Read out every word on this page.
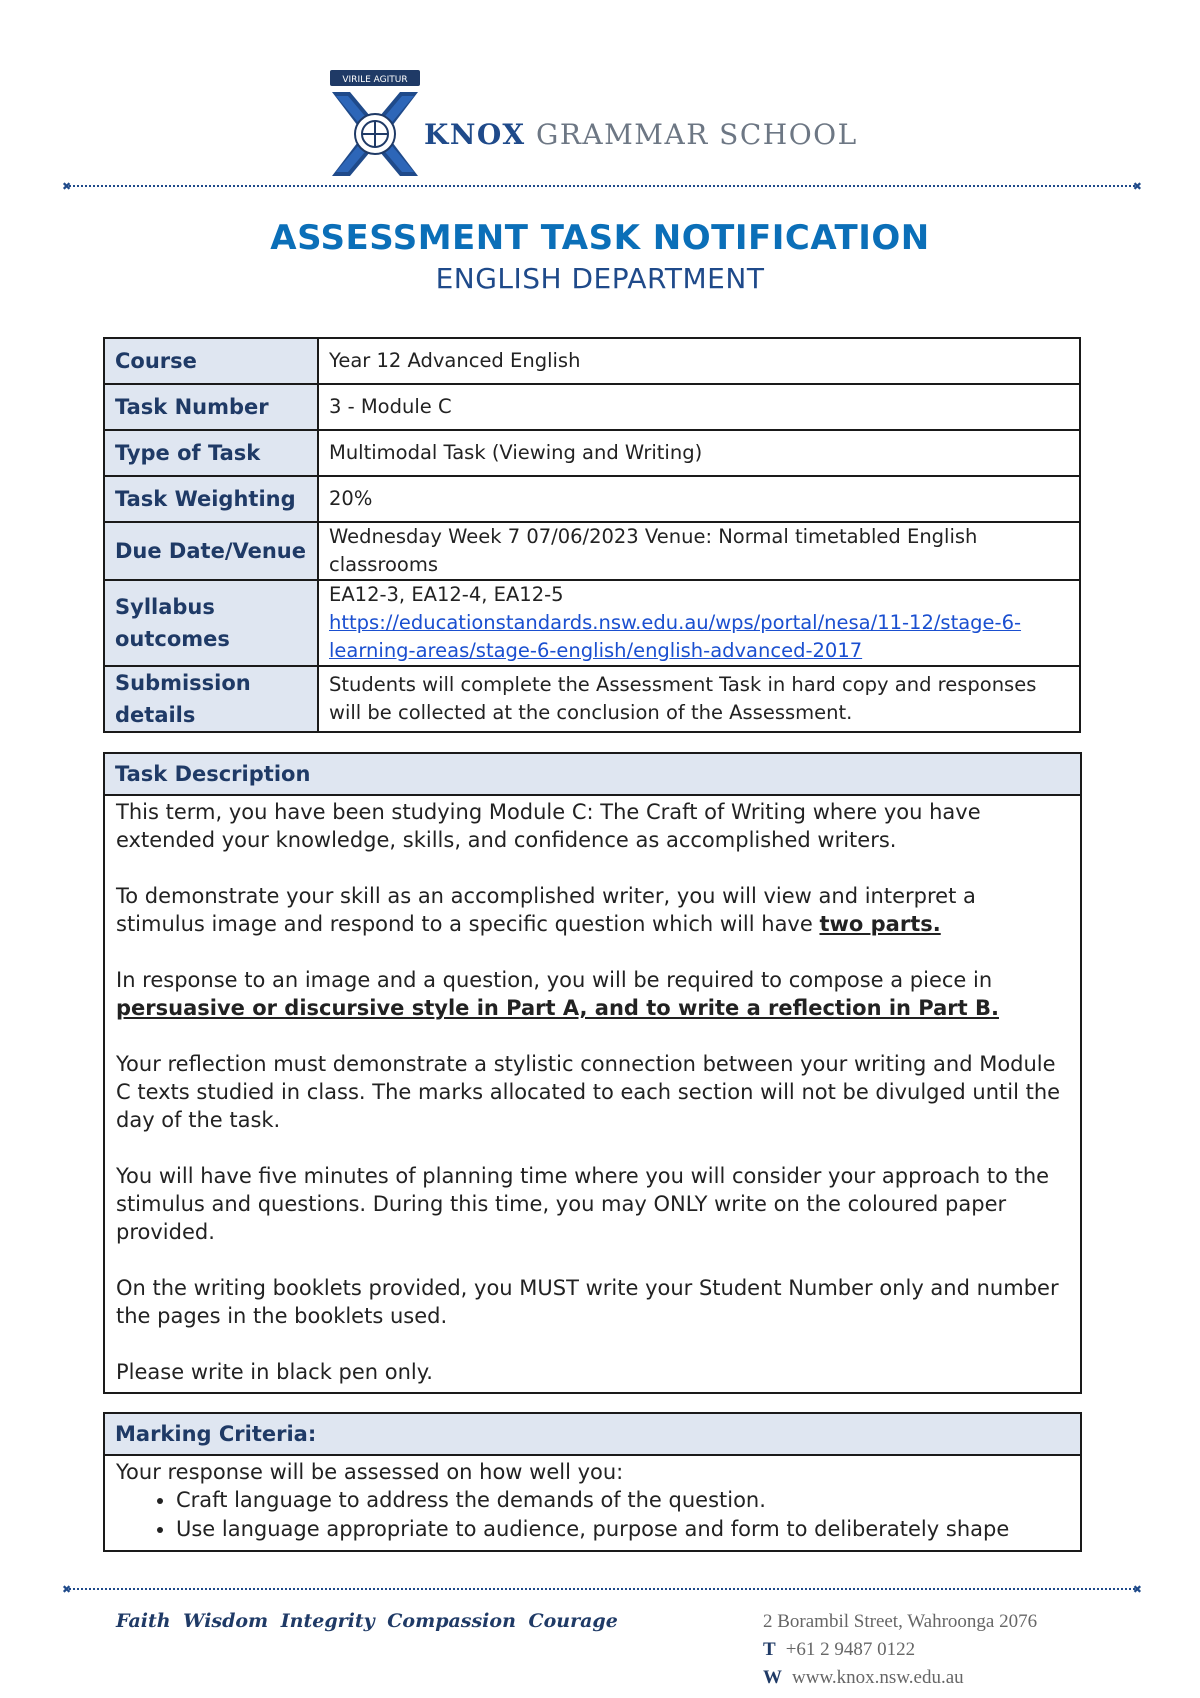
VIRILE AGITUR
KNOX GRAMMAR SCHOOL
✖	✖
ASSESSMENT TASK NOTIFICATION
ENGLISH DEPARTMENT
Course	Year 12 Advanced English
Task Number	3 - Module C
Type of Task	Multimodal Task (Viewing and Writing)
Task Weighting	20%
Due Date/Venue	Wednesday Week 7 07/06/2023 Venue: Normal timetabled English classrooms
Syllabus outcomes	EA12-3, EA12-4, EA12-5
https://educationstandards.nsw.edu.au/wps/portal/nesa/11-12/stage-6-learning-areas/stage-6-english/english-advanced-2017
Submission details	Students will complete the Assessment Task in hard copy and responses will be collected at the conclusion of the Assessment.
Task Description

This term, you have been studying Module C: The Craft of Writing where you have extended your knowledge, skills, and confidence as accomplished writers.

To demonstrate your skill as an accomplished writer, you will view and interpret a stimulus image and respond to a specific question which will have two parts.

In response to an image and a question, you will be required to compose a piece in persuasive or discursive style in Part A, and to write a reflection in Part B.

Your reflection must demonstrate a stylistic connection between your writing and Module C texts studied in class. The marks allocated to each section will not be divulged until the day of the task.

You will have five minutes of planning time where you will consider your approach to the stimulus and questions. During this time, you may ONLY write on the coloured paper provided.

On the writing booklets provided, you MUST write your Student Number only and number the pages in the booklets used.

Please write in black pen only.

Marking Criteria:
Your response will be assessed on how well you:
• Craft language to address the demands of the question.
• Use language appropriate to audience, purpose and form to deliberately shape
✖	✖
Faith Wisdom Integrity Compassion Courage	2 Borambil Street, Wahroonga 2076
T +61 2 9487 0122
W www.knox.nsw.edu.au
